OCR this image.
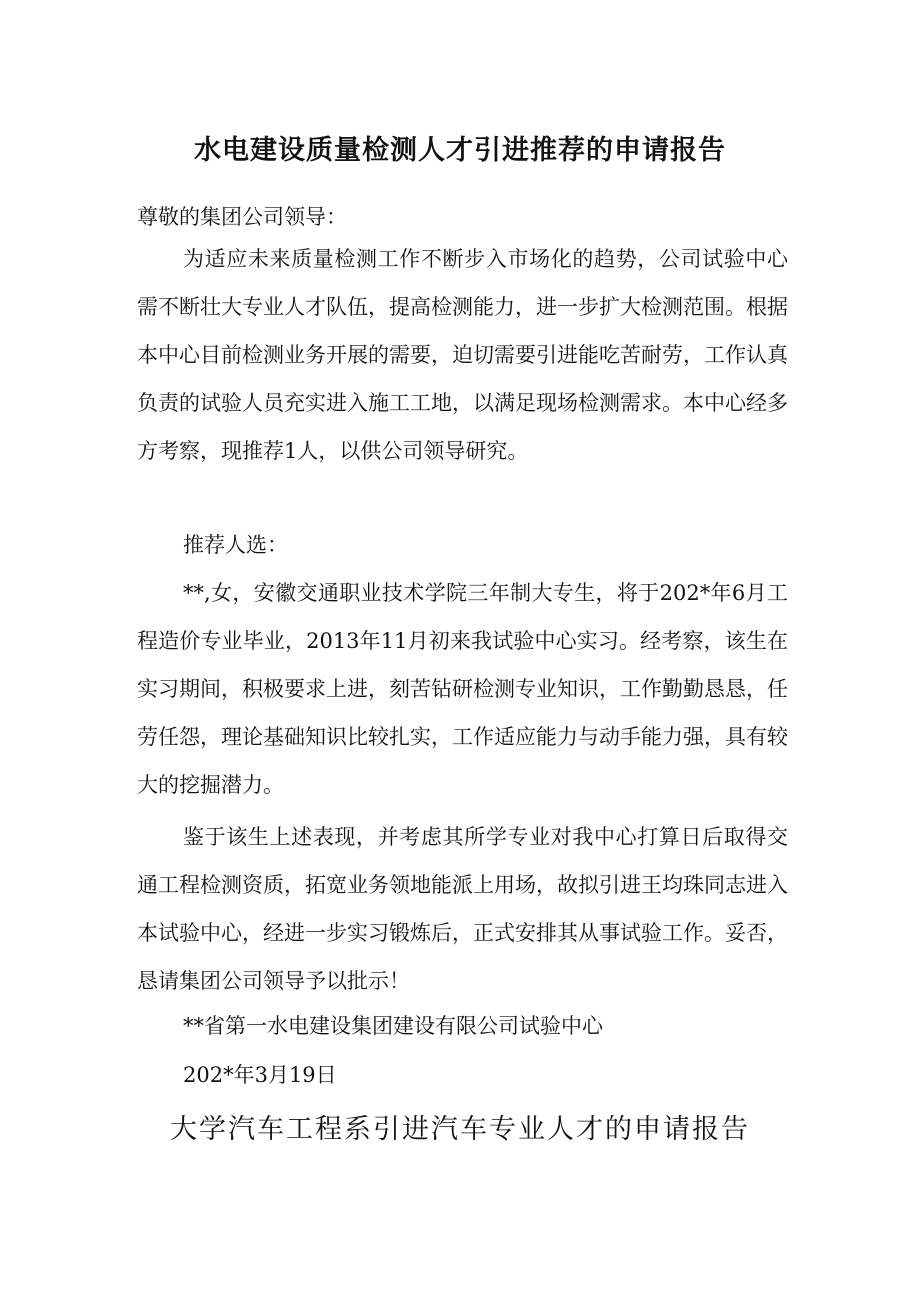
水电建设质量检测人才引进推荐的申请报告

尊敬的集团公司领导：

为适应未来质量检测工作不断步入市场化的趋势，公司试验中心需不断壮大专业人才队伍，提高检测能力，进一步扩大检测范围。根据本中心目前检测业务开展的需要，迫切需要引进能吃苦耐劳，工作认真负责的试验人员充实进入施工工地，以满足现场检测需求。本中心经多方考察，现推荐1人，以供公司领导研究。

推荐人选：

**,女，安徽交通职业技术学院三年制大专生，将于202*年6月工程造价专业毕业，2013年11月初来我试验中心实习。经考察，该生在实习期间，积极要求上进，刻苦钻研检测专业知识，工作勤勤恳恳，任劳任怨，理论基础知识比较扎实，工作适应能力与动手能力强，具有较大的挖掘潜力。

鉴于该生上述表现，并考虑其所学专业对我中心打算日后取得交通工程检测资质，拓宽业务领地能派上用场，故拟引进王均珠同志进入本试验中心，经进一步实习锻炼后，正式安排其从事试验工作。妥否，恳请集团公司领导予以批示！

**省第一水电建设集团建设有限公司试验中心

202*年3月19日

大学汽车工程系引进汽车专业人才的申请报告
